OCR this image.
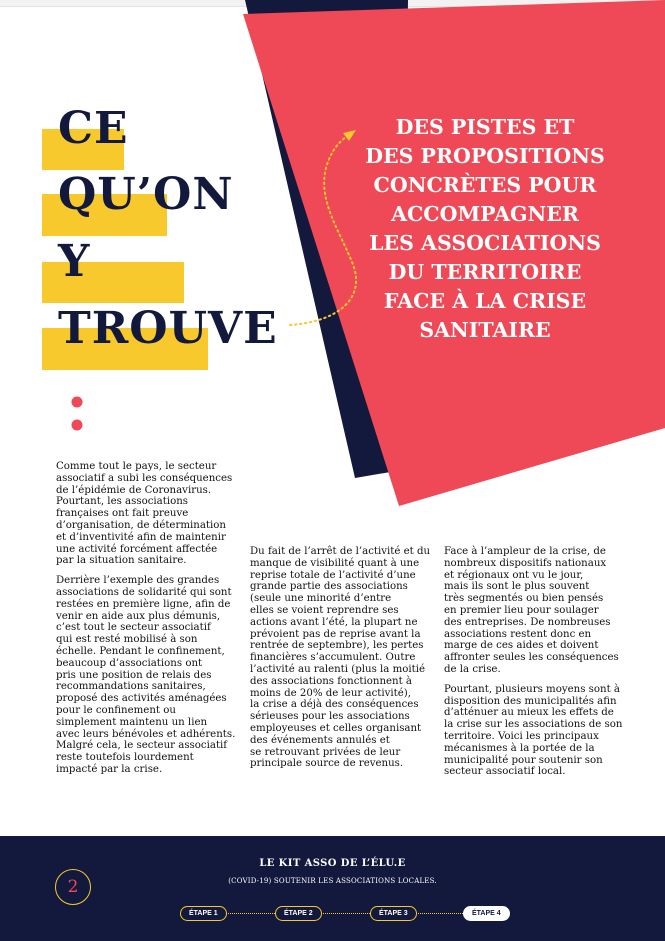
CE
QU’ON
Y
TROUVE
DES PISTES ET
DES PROPOSITIONS
CONCRÈTES POUR
ACCOMPAGNER
LES ASSOCIATIONS
DU TERRITOIRE
FACE À LA CRISE
SANITAIRE

Comme tout le pays, le secteur
associatif a subi les conséquences
de l’épidémie de Coronavirus.
Pourtant, les associations
françaises ont fait preuve
d’organisation, de détermination
et d’inventivité afin de maintenir
une activité forcément affectée
par la situation sanitaire.

Derrière l’exemple des grandes
associations de solidarité qui sont
restées en première ligne, afin de
venir en aide aux plus démunis,
c’est tout le secteur associatif
qui est resté mobilisé à son
échelle. Pendant le confinement,
beaucoup d’associations ont
pris une position de relais des
recommandations sanitaires,
proposé des activités aménagées
pour le confinement ou
simplement maintenu un lien
avec leurs bénévoles et adhérents.
Malgré cela, le secteur associatif
reste toutefois lourdement
impacté par la crise.

Du fait de l’arrêt de l’activité et du
manque de visibilité quant à une
reprise totale de l’activité d’une
grande partie des associations
(seule une minorité d’entre
elles se voient reprendre ses
actions avant l’été, la plupart ne
prévoient pas de reprise avant la
rentrée de septembre), les pertes
financières s’accumulent. Outre
l’activité au ralenti (plus la moitié
des associations fonctionnent à
moins de 20% de leur activité),
la crise a déjà des conséquences
sérieuses pour les associations
employeuses et celles organisant
des événements annulés et
se retrouvant privées de leur
principale source de revenus.

Face à l’ampleur de la crise, de
nombreux dispositifs nationaux
et régionaux ont vu le jour,
mais ils sont le plus souvent
très segmentés ou bien pensés
en premier lieu pour soulager
des entreprises. De nombreuses
associations restent donc en
marge de ces aides et doivent
affronter seules les conséquences
de la crise.

Pourtant, plusieurs moyens sont à
disposition des municipalités afin
d’atténuer au mieux les effets de
la crise sur les associations de son
territoire. Voici les principaux
mécanismes à la portée de la
municipalité pour soutenir son
secteur associatif local.

2
LE KIT ASSO DE L’ÉLU.E
(COVID-19) SOUTENIR LES ASSOCIATIONS LOCALES.
ÉTAPE 1	ÉTAPE 2	ÉTAPE 3	ÉTAPE 4
